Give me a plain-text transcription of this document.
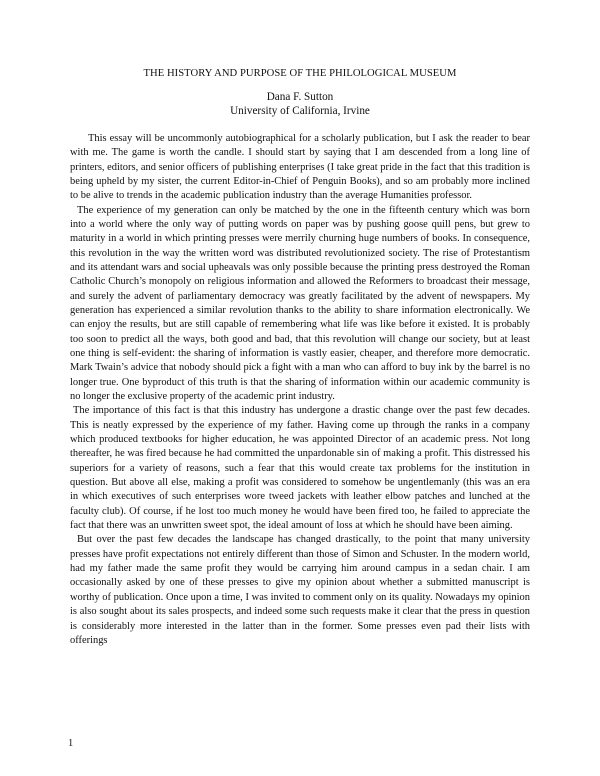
THE HISTORY AND PURPOSE OF THE PHILOLOGICAL MUSEUM
Dana F. Sutton
University of California, Irvine

This essay will be uncommonly autobiographical for a scholarly publication, but I ask the reader to bear with me. The game is worth the candle. I should start by saying that I am descended from a long line of printers, editors, and senior officers of publishing enterprises (I take great pride in the fact that this tradition is being upheld by my sister, the current Editor-in-Chief of Penguin Books), and so am probably more inclined to be alive to trends in the academic publication industry than the average Humanities professor.

The experience of my generation can only be matched by the one in the fifteenth century which was born into a world where the only way of putting words on paper was by pushing goose quill pens, but grew to maturity in a world in which printing presses were merrily churning huge numbers of books. In consequence, this revolution in the way the written word was distributed revolutionized society. The rise of Protestantism and its attendant wars and social upheavals was only possible because the printing press destroyed the Roman Catholic Church’s monopoly on religious information and allowed the Reformers to broadcast their message, and surely the advent of parliamentary democracy was greatly facilitated by the advent of newspapers. My generation has experienced a similar revolution thanks to the ability to share information electronically. We can enjoy the results, but are still capable of remembering what life was like before it existed. It is probably too soon to predict all the ways, both good and bad, that this revolution will change our society, but at least one thing is self-evident: the sharing of information is vastly easier, cheaper, and therefore more democratic. Mark Twain’s advice that nobody should pick a fight with a man who can afford to buy ink by the barrel is no longer true. One byproduct of this truth is that the sharing of information within our academic community is no longer the exclusive property of the academic print industry.

The importance of this fact is that this industry has undergone a drastic change over the past few decades. This is neatly expressed by the experience of my father. Having come up through the ranks in a company which produced textbooks for higher education, he was appointed Director of an academic press. Not long thereafter, he was fired because he had committed the unpardonable sin of making a profit. This distressed his superiors for a variety of reasons, such a fear that this would create tax problems for the institution in question. But above all else, making a profit was considered to somehow be ungentlemanly (this was an era in which executives of such enterprises wore tweed jackets with leather elbow patches and lunched at the faculty club). Of course, if he lost too much money he would have been fired too, he failed to appreciate the fact that there was an unwritten sweet spot, the ideal amount of loss at which he should have been aiming.

But over the past few decades the landscape has changed drastically, to the point that many university presses have profit expectations not entirely different than those of Simon and Schuster. In the modern world, had my father made the same profit they would be carrying him around campus in a sedan chair. I am occasionally asked by one of these presses to give my opinion about whether a submitted manuscript is worthy of publication. Once upon a time, I was invited to comment only on its quality. Nowadays my opinion is also sought about its sales prospects, and indeed some such requests make it clear that the press in question is considerably more interested in the latter than in the former. Some presses even pad their lists with offerings

1
